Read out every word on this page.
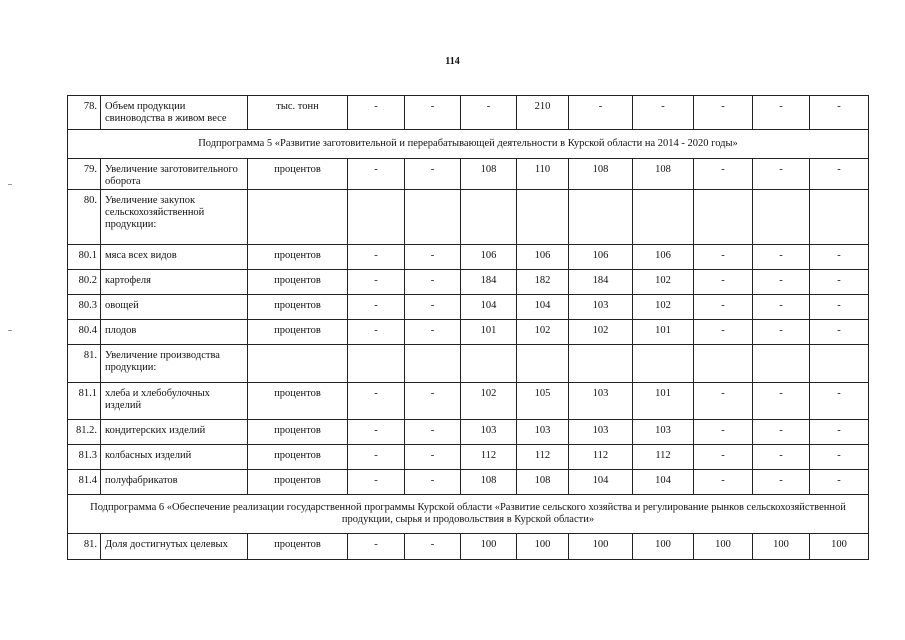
114
78.	Объем продукции свиноводства в живом весе	тыс. тонн	-	-	-	210	-	-	-	-	-
Подпрограмма 5 «Развитие заготовительной и перерабатывающей деятельности в Курской области на 2014 - 2020 годы»											
79.	Увеличение заготовительного оборота	процентов	-	-	108	110	108	108	-	-	-
80.	Увеличение закупок сельскохозяйственной продукции:										
80.1	мяса всех видов	процентов	-	-	106	106	106	106	-	-	-
80.2	картофеля	процентов	-	-	184	182	184	102	-	-	-
80.3	овощей	процентов	-	-	104	104	103	102	-	-	-
80.4	плодов	процентов	-	-	101	102	102	101	-	-	-
81.	Увеличение производства продукции:										
81.1	хлеба и хлебобулочных изделий	процентов	-	-	102	105	103	101	-	-	-
81.2.	кондитерских изделий	процентов	-	-	103	103	103	103	-	-	-
81.3	колбасных изделий	процентов	-	-	112	112	112	112	-	-	-
81.4	полуфабрикатов	процентов	-	-	108	108	104	104	-	-	-
Подпрограмма 6 «Обеспечение реализации государственной программы Курской области «Развитие сельского хозяйства и регулирование рынков сельскохозяйственной продукции, сырья и продовольствия в Курской области»											
81.	Доля достигнутых целевых	процентов	-	-	100	100	100	100	100	100	100
